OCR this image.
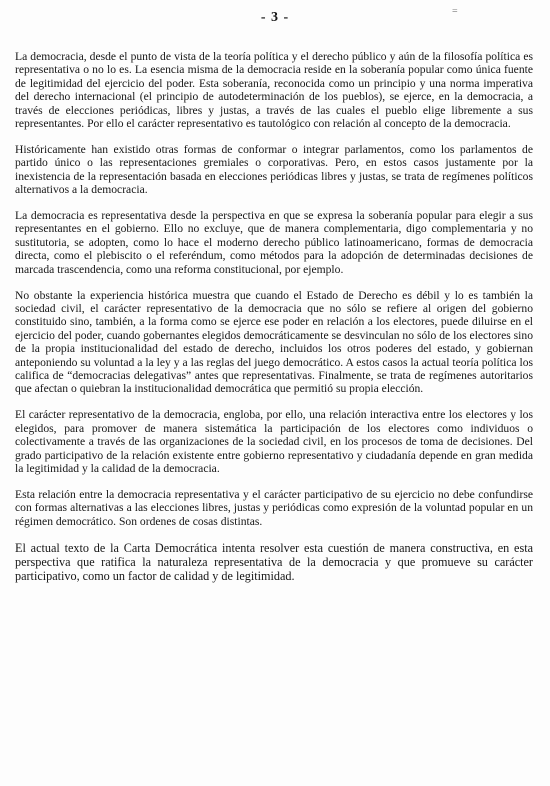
- 3 -	=

La democracia, desde el punto de vista de la teoría política y el derecho público y aún de la filosofía política es representativa o no lo es. La esencia misma de la democracia reside en la soberanía popular como única fuente de legitimidad del ejercicio del poder. Esta soberanía, reconocida como un principio y una norma imperativa del derecho internacional (el principio de autodeterminación de los pueblos), se ejerce, en la democracia, a través de elecciones periódicas, libres y justas, a través de las cuales el pueblo elige libremente a sus representantes. Por ello el carácter representativo es tautológico con relación al concepto de la democracia.

Históricamente han existido otras formas de conformar o integrar parlamentos, como los parlamentos de partido único o las representaciones gremiales o corporativas. Pero, en estos casos justamente por la inexistencia de la representación basada en elecciones periódicas libres y justas, se trata de regímenes políticos alternativos a la democracia.

La democracia es representativa desde la perspectiva en que se expresa la soberanía popular para elegir a sus representantes en el gobierno. Ello no excluye, que de manera complementaria, digo complementaria y no sustitutoria, se adopten, como lo hace el moderno derecho público latinoamericano, formas de democracia directa, como el plebiscito o el referéndum, como métodos para la adopción de determinadas decisiones de marcada trascendencia, como una reforma constitucional, por ejemplo.

No obstante la experiencia histórica muestra que cuando el Estado de Derecho es débil y lo es también la sociedad civil, el carácter representativo de la democracia que no sólo se refiere al origen del gobierno constituido sino, también, a la forma como se ejerce ese poder en relación a los electores, puede diluirse en el ejercicio del poder, cuando gobernantes elegidos democráticamente se desvinculan no sólo de los electores sino de la propia institucionalidad del estado de derecho, incluidos los otros poderes del estado, y gobiernan anteponiendo su voluntad a la ley y a las reglas del juego democrático. A estos casos la actual teoría política los califica de “democracias delegativas” antes que representativas. Finalmente, se trata de regímenes autoritarios que afectan o quiebran la institucionalidad democrática que permitió su propia elección.

El carácter representativo de la democracia, engloba, por ello, una relación interactiva entre los electores y los elegidos, para promover de manera sistemática la participación de los electores como individuos o colectivamente a través de las organizaciones de la sociedad civil, en los procesos de toma de decisiones. Del grado participativo de la relación existente entre gobierno representativo y ciudadanía depende en gran medida la legitimidad y la calidad de la democracia.

Esta relación entre la democracia representativa y el carácter participativo de su ejercicio no debe confundirse con formas alternativas a las elecciones libres, justas y periódicas como expresión de la voluntad popular en un régimen democrático. Son ordenes de cosas distintas.

El actual texto de la Carta Democrática intenta resolver esta cuestión de manera constructiva, en esta perspectiva que ratifica la naturaleza representativa de la democracia y que promueve su carácter participativo, como un factor de calidad y de legitimidad.
